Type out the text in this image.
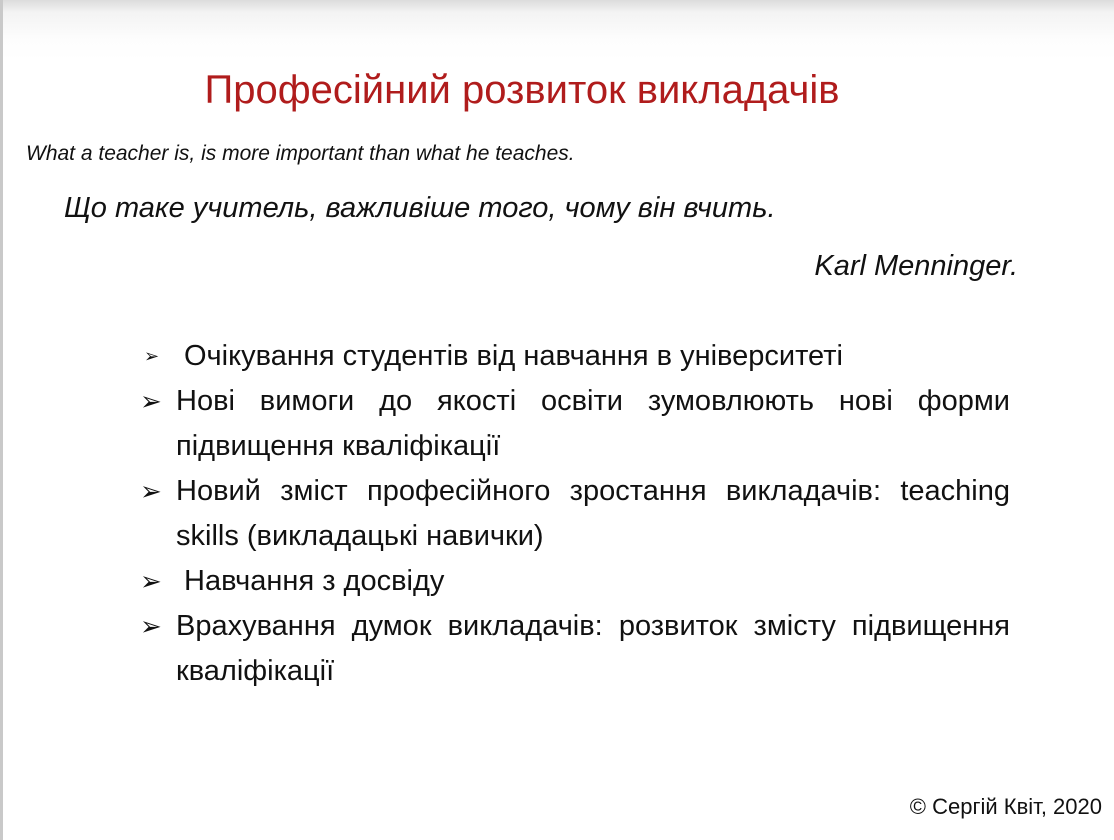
Професійний розвиток викладачів
What a teacher is, is more important than what he teaches.
Що таке учитель, важливіше того, чому він вчить.
Karl Menninger.
➢ Очікування студентів від навчання в університеті
➢ Нові вимоги до якості освіти зумовлюють нові форми підвищення кваліфікації
➢ Новий зміст професійного зростання викладачів: teaching skills (викладацькі навички)
➢ Навчання з досвіду
➢ Врахування думок викладачів: розвиток змісту підвищення кваліфікації
© Сергій Квіт, 2020
